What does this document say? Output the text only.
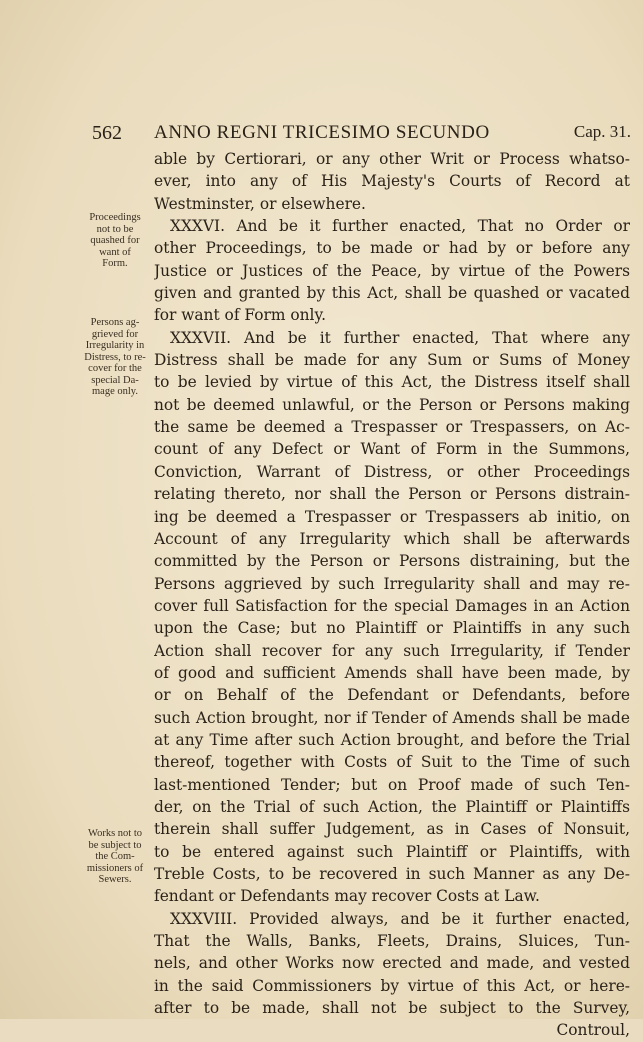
562 ANNO REGNI TRICESIMO SECUNDO	Cap. 31.
Proceedings
not to be
quashed for
want of
Form.
Persons ag-
grieved for
Irregularity in
Distress, to re-
cover for the
special Da-
mage only.
Works not to
be subject to
the Com-
missioners of
Sewers.
able by Certiorari, or any other Writ or Process whatso-
ever, into any of His Majesty's Courts of Record at
Westminster, or elsewhere.
XXXVI. And be it further enacted, That no Order or
other Proceedings, to be made or had by or before any
Justice or Justices of the Peace, by virtue of the Powers
given and granted by this Act, shall be quashed or vacated
for want of Form only.
XXXVII. And be it further enacted, That where any
Distress shall be made for any Sum or Sums of Money
to be levied by virtue of this Act, the Distress itself shall
not be deemed unlawful, or the Person or Persons making
the same be deemed a Trespasser or Trespassers, on Ac-
count of any Defect or Want of Form in the Summons,
Conviction, Warrant of Distress, or other Proceedings
relating thereto, nor shall the Person or Persons distrain-
ing be deemed a Trespasser or Trespassers ab initio, on
Account of any Irregularity which shall be afterwards
committed by the Person or Persons distraining, but the
Persons aggrieved by such Irregularity shall and may re-
cover full Satisfaction for the special Damages in an Action
upon the Case; but no Plaintiff or Plaintiffs in any such
Action shall recover for any such Irregularity, if Tender
of good and sufficient Amends shall have been made, by
or on Behalf of the Defendant or Defendants, before
such Action brought, nor if Tender of Amends shall be made
at any Time after such Action brought, and before the Trial
thereof, together with Costs of Suit to the Time of such
last-mentioned Tender; but on Proof made of such Ten-
der, on the Trial of such Action, the Plaintiff or Plaintiffs
therein shall suffer Judgement, as in Cases of Nonsuit,
to be entered against such Plaintiff or Plaintiffs, with
Treble Costs, to be recovered in such Manner as any De-
fendant or Defendants may recover Costs at Law.
XXXVIII. Provided always, and be it further enacted,
That the Walls, Banks, Fleets, Drains, Sluices, Tun-
nels, and other Works now erected and made, and vested
in the said Commissioners by virtue of this Act, or here-
after to be made, shall not be subject to the Survey,
Controul,
